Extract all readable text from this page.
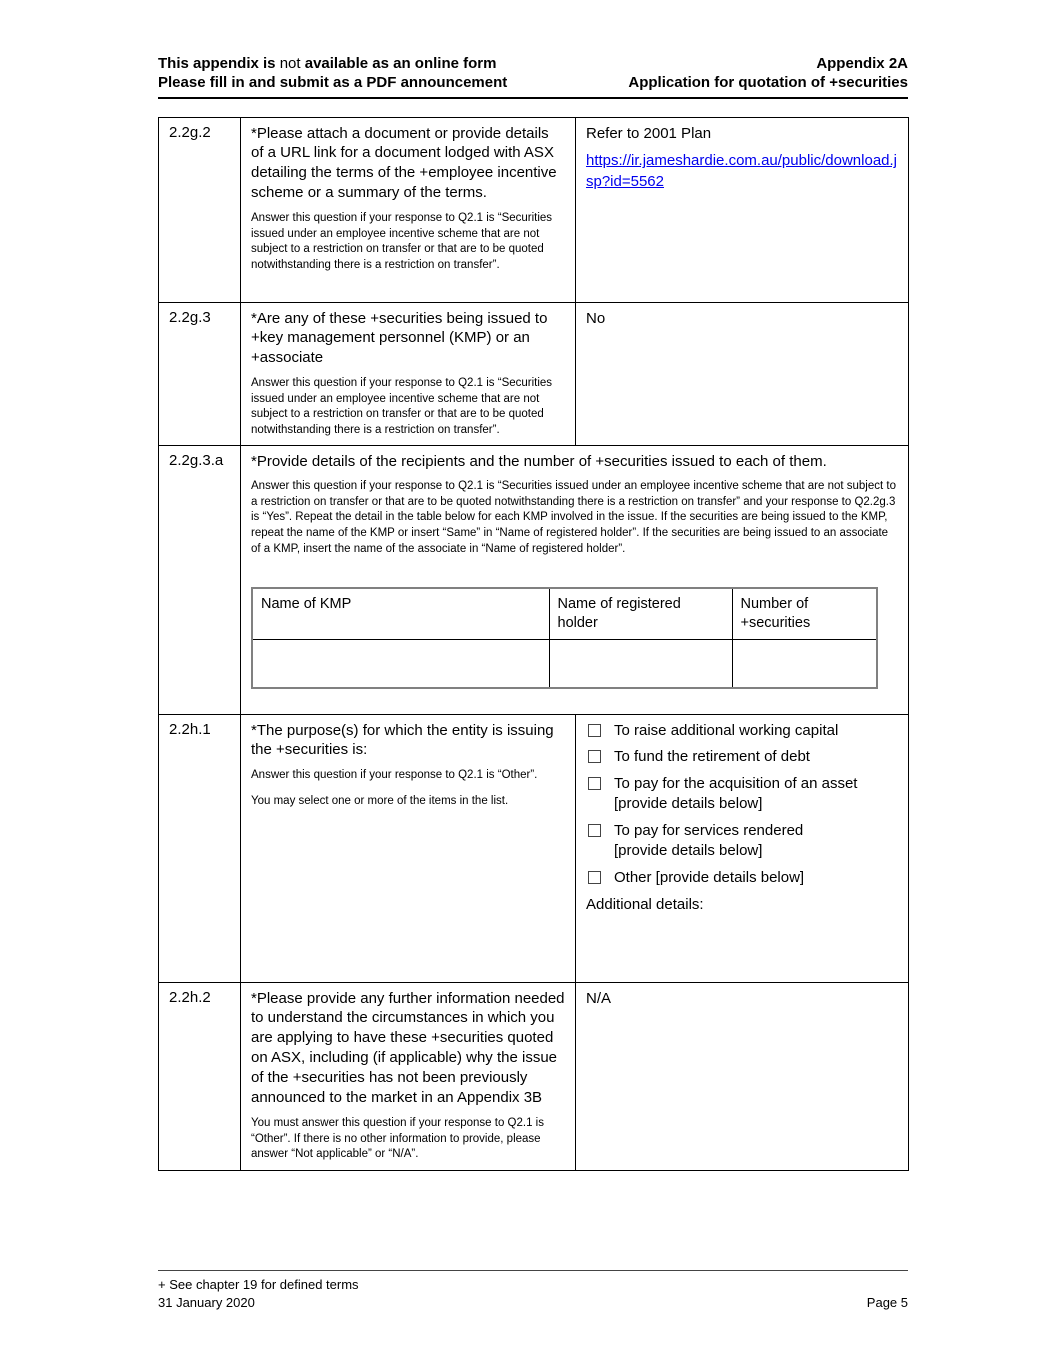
This appendix is not available as an online form
Please fill in and submit as a PDF announcement
Appendix 2A
Application for quotation of +securities
2.2g.2	*Please attach a document or provide details of a URL link for a document lodged with ASX detailing the terms of the +employee incentive scheme or a summary of the terms.
Answer this question if your response to Q2.1 is “Securities issued under an employee incentive scheme that are not subject to a restriction on transfer or that are to be quoted notwithstanding there is a restriction on transfer”.

Refer to 2001 Plan
https://ir.jameshardie.com.au/public/download.jsp?id=5562
2.2g.3	*Are any of these +securities being issued to +key management personnel (KMP) or an +associate
Answer this question if your response to Q2.1 is “Securities issued under an employee incentive scheme that are not subject to a restriction on transfer or that are to be quoted notwithstanding there is a restriction on transfer”.

No

2.2g.3.a	*Provide details of the recipients and the number of +securities issued to each of them.
Answer this question if your response to Q2.1 is “Securities issued under an employee incentive scheme that are not subject to a restriction on transfer or that are to be quoted notwithstanding there is a restriction on transfer” and your response to Q2.2g.3 is “Yes”. Repeat the detail in the table below for each KMP involved in the issue. If the securities are being issued to the KMP, repeat the name of the KMP or insert “Same” in “Name of registered holder”. If the securities are being issued to an associate of a KMP, insert the name of the associate in “Name of registered holder”.
Name of KMP	Name of registered holder	Number of +securities

2.2h.1	*The purpose(s) for which the entity is issuing the +securities is:
Answer this question if your response to Q2.1 is “Other”.
You may select one or more of the items in the list.

To raise additional working capital
To fund the retirement of debt
To pay for the acquisition of an asset
[provide details below]
To pay for services rendered
[provide details below]
Other [provide details below]
Additional details:

2.2h.2	*Please provide any further information needed to understand the circumstances in which you are applying to have these +securities quoted on ASX, including (if applicable) why the issue of the +securities has not been previously announced to the market in an Appendix 3B
You must answer this question if your response to Q2.1 is “Other”. If there is no other information to provide, please answer “Not applicable” or “N/A”.

N/A
+ See chapter 19 for defined terms
31 January 2020	Page 5
